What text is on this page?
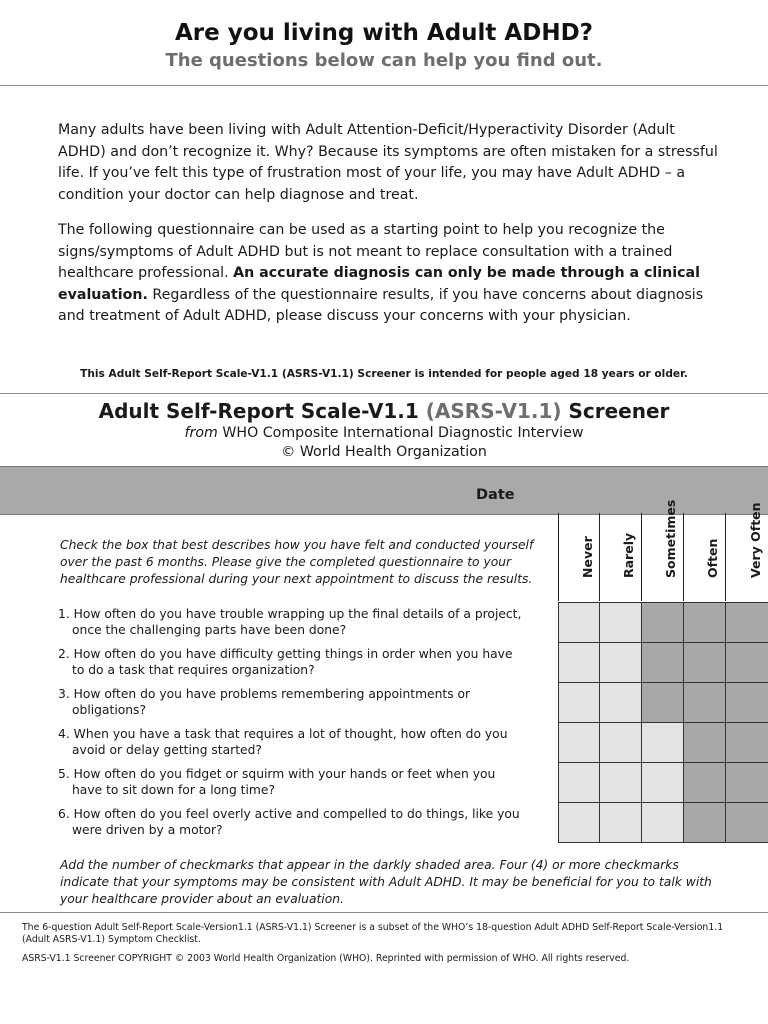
Are you living with Adult ADHD?
The questions below can help you find out.

Many adults have been living with Adult Attention-Deficit/Hyperactivity Disorder (Adult ADHD) and don’t recognize it. Why? Because its symptoms are often mistaken for a stressful life. If you’ve felt this type of frustration most of your life, you may have Adult ADHD – a condition your doctor can help diagnose and treat.

The following questionnaire can be used as a starting point to help you recognize the signs/symptoms of Adult ADHD but is not meant to replace consultation with a trained healthcare professional. An accurate diagnosis can only be made through a clinical evaluation. Regardless of the questionnaire results, if you have concerns about diagnosis and treatment of Adult ADHD, please discuss your concerns with your physician.

This Adult Self-Report Scale-V1.1 (ASRS-V1.1) Screener is intended for people aged 18 years or older.
Adult Self-Report Scale-V1.1 (ASRS-V1.1) Screener
from WHO Composite International Diagnostic Interview
© World Health Organization
Date
Check the box that best describes how you have felt and conducted yourself over the past 6 months. Please give the completed questionnaire to your healthcare professional during your next appointment to discuss the results.
Never Rarely Sometimes Often Very Often
1. How often do you have trouble wrapping up the final details of a project,
once the challenging parts have been done?
2. How often do you have difficulty getting things in order when you have
to do a task that requires organization?
3. How often do you have problems remembering appointments or
obligations?
4. When you have a task that requires a lot of thought, how often do you
avoid or delay getting started?
5. How often do you fidget or squirm with your hands or feet when you
have to sit down for a long time?
6. How often do you feel overly active and compelled to do things, like you
were driven by a motor?
Add the number of checkmarks that appear in the darkly shaded area. Four (4) or more checkmarks indicate that your symptoms may be consistent with Adult ADHD. It may be beneficial for you to talk with your healthcare provider about an evaluation.
The 6-question Adult Self-Report Scale-Version1.1 (ASRS-V1.1) Screener is a subset of the WHO’s 18-question Adult ADHD Self-Report Scale-Version1.1 (Adult ASRS-V1.1) Symptom Checklist.
ASRS-V1.1 Screener COPYRIGHT © 2003 World Health Organization (WHO). Reprinted with permission of WHO. All rights reserved.
